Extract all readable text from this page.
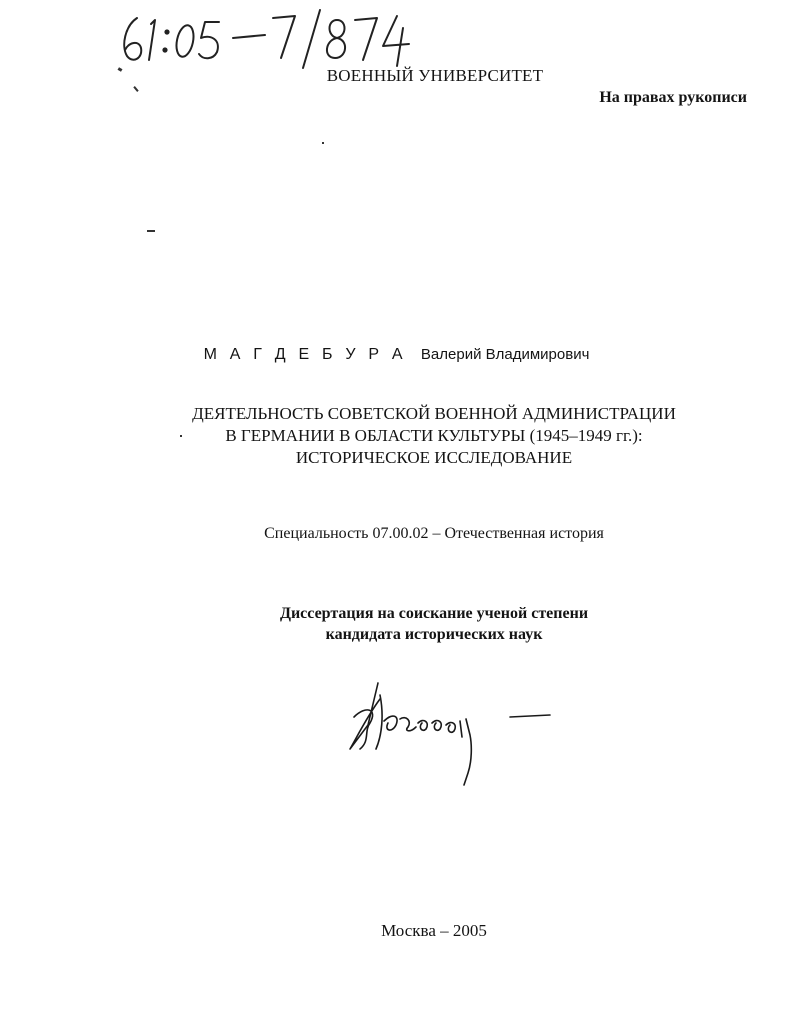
ВОЕННЫЙ УНИВЕРСИТЕТ
На правах рукописи
М А Г Д Е Б У Р А Валерий Владимирович
ДЕЯТЕЛЬНОСТЬ СОВЕТСКОЙ ВОЕННОЙ АДМИНИСТРАЦИИ
В ГЕРМАНИИ В ОБЛАСТИ КУЛЬТУРЫ (1945–1949 гг.):
ИСТОРИЧЕСКОЕ ИССЛЕДОВАНИЕ
Специальность 07.00.02 – Отечественная история
Диссертация на соискание ученой степени
кандидата исторических наук
Москва – 2005
